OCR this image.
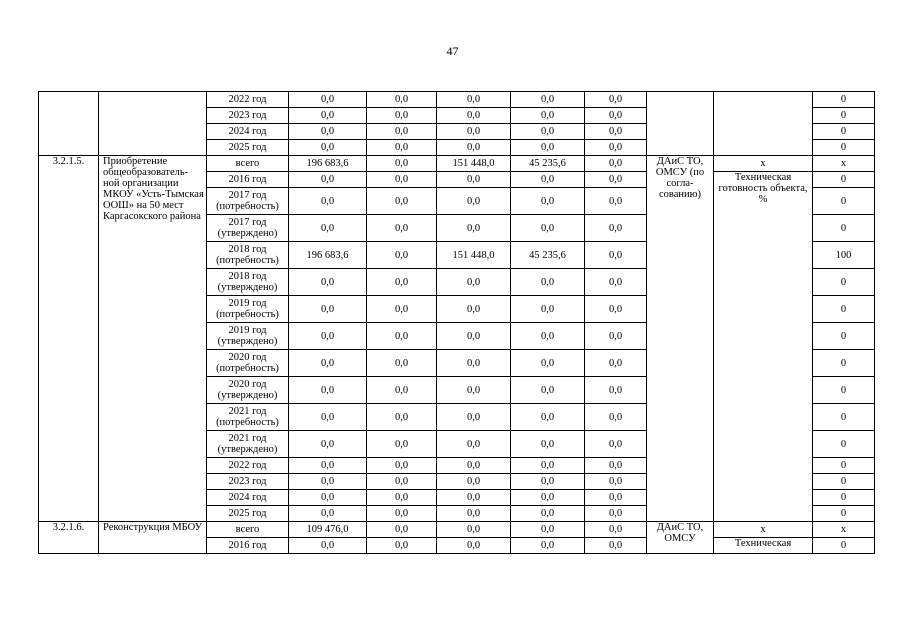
47
		2022 год	0,0	0,0	0,0	0,0	0,0			0
		2023 год	0,0	0,0	0,0	0,0	0,0			0
		2024 год	0,0	0,0	0,0	0,0	0,0			0
		2025 год	0,0	0,0	0,0	0,0	0,0			0
3.2.1.5.	Приобретение общеобразователь-ной организации МКОУ «Усть-Тымская ООШ» на 50 мест Каргасокского района	всего	196 683,6	0,0	151 448,0	45 235,6	0,0	ДАиС ТО, ОМСУ (по согла-сованию)	х	х
		2016 год	0,0	0,0	0,0	0,0	0,0		Техническая готовность объекта, %	0
		2017 год (потребность)	0,0	0,0	0,0	0,0	0,0			0
		2017 год (утверждено)	0,0	0,0	0,0	0,0	0,0			0
		2018 год (потребность)	196 683,6	0,0	151 448,0	45 235,6	0,0			100
		2018 год (утверждено)	0,0	0,0	0,0	0,0	0,0			0
		2019 год (потребность)	0,0	0,0	0,0	0,0	0,0			0
		2019 год (утверждено)	0,0	0,0	0,0	0,0	0,0			0
		2020 год (потребность)	0,0	0,0	0,0	0,0	0,0			0
		2020 год (утверждено)	0,0	0,0	0,0	0,0	0,0			0
		2021 год (потребность)	0,0	0,0	0,0	0,0	0,0			0
		2021 год (утверждено)	0,0	0,0	0,0	0,0	0,0			0
		2022 год	0,0	0,0	0,0	0,0	0,0			0
		2023 год	0,0	0,0	0,0	0,0	0,0			0
		2024 год	0,0	0,0	0,0	0,0	0,0			0
		2025 год	0,0	0,0	0,0	0,0	0,0			0
3.2.1.6.	Реконструкция МБОУ	всего	109 476,0	0,0	0,0	0,0	0,0	ДАиС ТО, ОМСУ	х	х
		2016 год	0,0	0,0	0,0	0,0	0,0		Техническая	0
